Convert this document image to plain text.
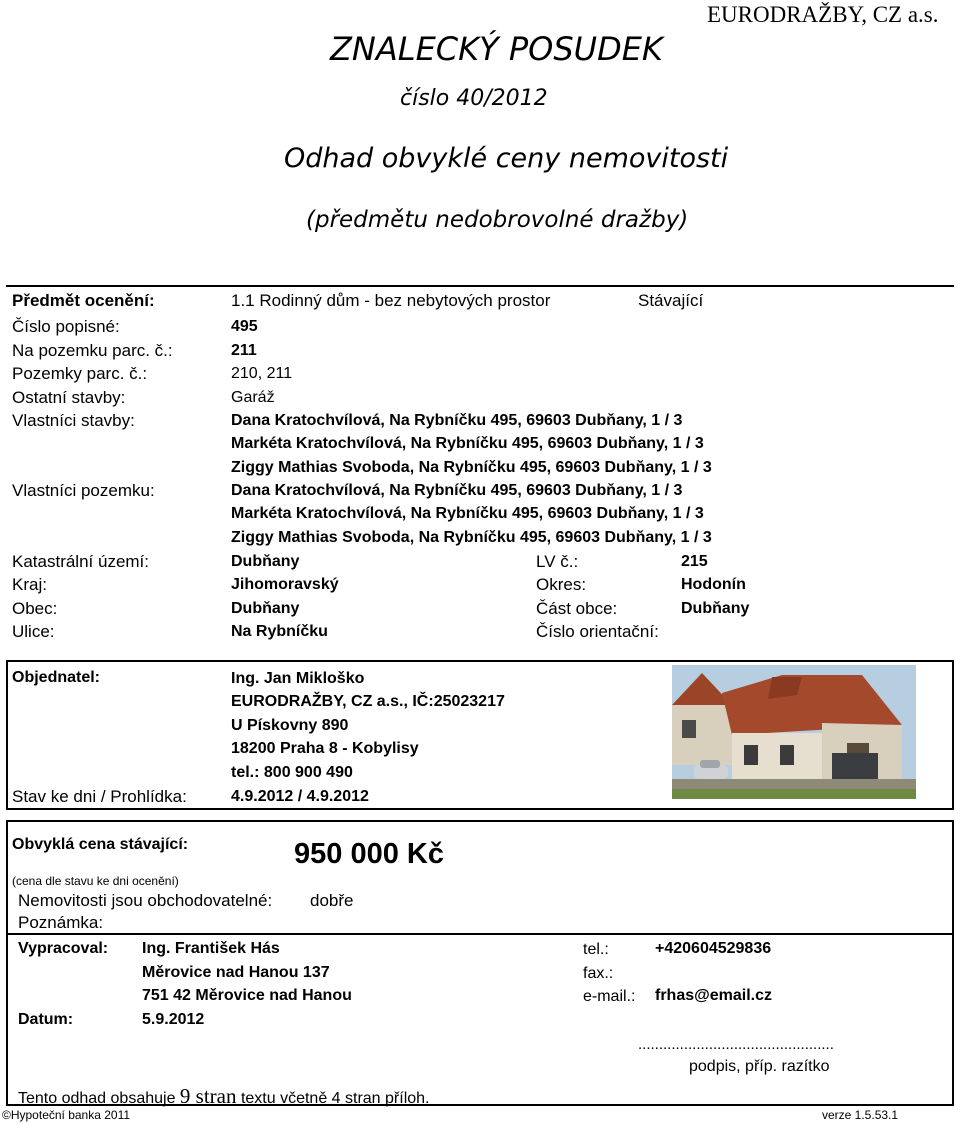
EURODRAŽBY, CZ a.s.
ZNALECKÝ POSUDEK
číslo 40/2012
Odhad obvyklé ceny nemovitosti
(předmětu nedobrovolné dražby)
Předmět ocenění:	1.1 Rodinný dům - bez nebytových prostor	Stávající
Číslo popisné:	495
Na pozemku parc. č.:	211
Pozemky parc. č.:	210, 211
Ostatní stavby:	Garáž
Vlastníci stavby:	Dana Kratochvílová, Na Rybníčku 495, 69603 Dubňany, 1 / 3
Markéta Kratochvílová, Na Rybníčku 495, 69603 Dubňany, 1 / 3
Ziggy Mathias Svoboda, Na Rybníčku 495, 69603 Dubňany, 1 / 3
Vlastníci pozemku:	Dana Kratochvílová, Na Rybníčku 495, 69603 Dubňany, 1 / 3
Markéta Kratochvílová, Na Rybníčku 495, 69603 Dubňany, 1 / 3
Ziggy Mathias Svoboda, Na Rybníčku 495, 69603 Dubňany, 1 / 3
Katastrální území:	Dubňany	LV č.:	215
Kraj:	Jihomoravský	Okres:	Hodonín
Obec:	Dubňany	Část obce:	Dubňany
Ulice:	Na Rybníčku	Číslo orientační:
Objednatel:	Ing. Jan Mikloško
EURODRAŽBY, CZ a.s., IČ:25023217
U Pískovny 890
18200 Praha 8 - Kobylisy
tel.: 800 900 490
Stav ke dni / Prohlídka:	4.9.2012 / 4.9.2012
Obvyklá cena stávající:	950 000 Kč
(cena dle stavu ke dni ocenění)
Nemovitosti jsou obchodovatelné: dobře
Poznámka:
Vypracoval: Ing. František Hás
Měrovice nad Hanou 137
751 42 Měrovice nad Hanou
tel.:	+420604529836
fax.:
e-mail.: frhas@email.cz
Datum:	5.9.2012
...............................................
podpis, příp. razítko
Tento odhad obsahuje 9 stran textu včetně 4 stran příloh.
©Hypoteční banka 2011	verze 1.5.53.1
